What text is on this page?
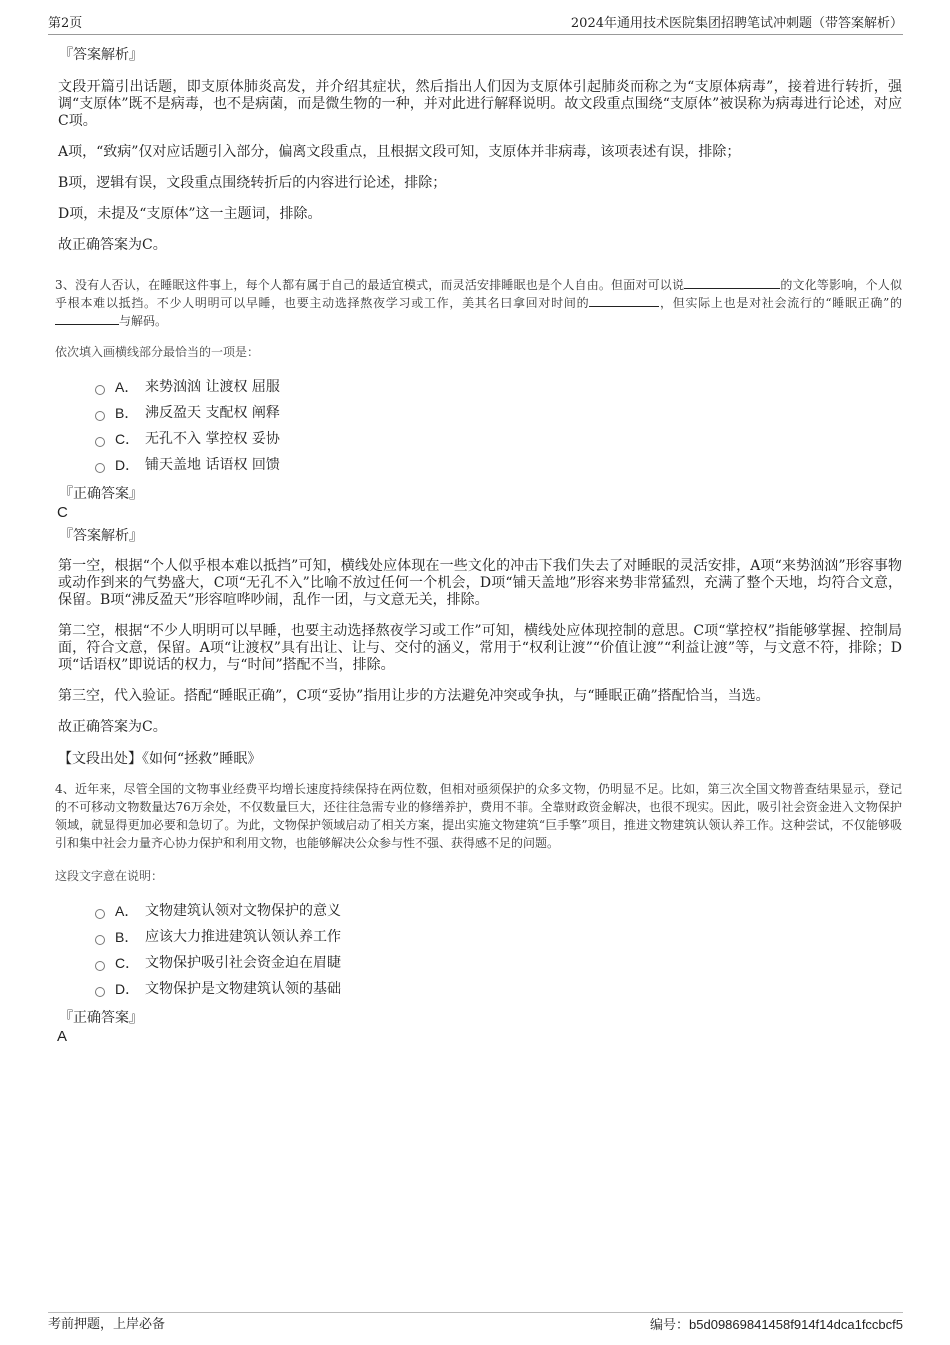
第2页	2024年通用技术医院集团招聘笔试冲刺题（带答案解析）
『答案解析』

文段开篇引出话题，即支原体肺炎高发，并介绍其症状，然后指出人们因为支原体引起肺炎而称之为“支原体病毒”，接着进行转折，强调“支原体”既不是病毒，也不是病菌，而是微生物的一种，并对此进行解释说明。故文段重点围绕“支原体”被误称为病毒进行论述，对应C项。

A项，“致病”仅对应话题引入部分，偏离文段重点，且根据文段可知，支原体并非病毒，该项表述有误，排除；

B项，逻辑有误，文段重点围绕转折后的内容进行论述，排除；

D项，未提及“支原体”这一主题词，排除。

故正确答案为C。

3、没有人否认，在睡眠这件事上，每个人都有属于自己的最适宜模式，而灵活安排睡眠也是个人自由。但面对可以说	的文化等影响，个人似乎根本难以抵挡。不少人明明可以早睡，也要主动选择熬夜学习或工作，美其名曰拿回对时间的	，但实际上也是对社会流行的“睡眠正确”的与解码。
依次填入画横线部分最恰当的一项是：
A． 来势汹汹 让渡权 屈服
B． 沸反盈天 支配权 阐释
C． 无孔不入 掌控权 妥协
D． 铺天盖地 话语权 回馈
『正确答案』
C
『答案解析』

第一空，根据“个人似乎根本难以抵挡”可知，横线处应体现在一些文化的冲击下我们失去了对睡眠的灵活安排，A项“来势汹汹”形容事物或动作到来的气势盛大，C项“无孔不入”比喻不放过任何一个机会，D项“铺天盖地”形容来势非常猛烈，充满了整个天地，均符合文意，保留。B项“沸反盈天”形容喧哗吵闹，乱作一团，与文意无关，排除。

第二空，根据“不少人明明可以早睡，也要主动选择熬夜学习或工作”可知，横线处应体现控制的意思。C项“掌控权”指能够掌握、控制局面，符合文意，保留。A项“让渡权”具有出让、让与、交付的涵义，常用于“权利让渡”“价值让渡”“利益让渡”等，与文意不符，排除；D项“话语权”即说话的权力，与“时间”搭配不当，排除。

第三空，代入验证。搭配“睡眠正确”，C项“妥协”指用让步的方法避免冲突或争执，与“睡眠正确”搭配恰当，当选。

故正确答案为C。

【文段出处】《如何“拯救”睡眠》
4、近年来，尽管全国的文物事业经费平均增长速度持续保持在两位数，但相对亟须保护的众多文物，仍明显不足。比如，第三次全国文物普查结果显示，登记的不可移动文物数量达76万余处，不仅数量巨大，还往往急需专业的修缮养护，费用不菲。全靠财政资金解决，也很不现实。因此，吸引社会资金进入文物保护领域，就显得更加必要和急切了。为此，文物保护领域启动了相关方案，提出实施文物建筑“巨手擎”项目，推进文物建筑认领认养工作。这种尝试，不仅能够吸引和集中社会力量齐心协力保护和利用文物，也能够解决公众参与性不强、获得感不足的问题。
这段文字意在说明：
A． 文物建筑认领对文物保护的意义
B． 应该大力推进建筑认领认养工作
C． 文物保护吸引社会资金迫在眉睫
D． 文物保护是文物建筑认领的基础
『正确答案』
A
考前押题，上岸必备	编号：b5d09869841458f914f14dca1fccbcf5
